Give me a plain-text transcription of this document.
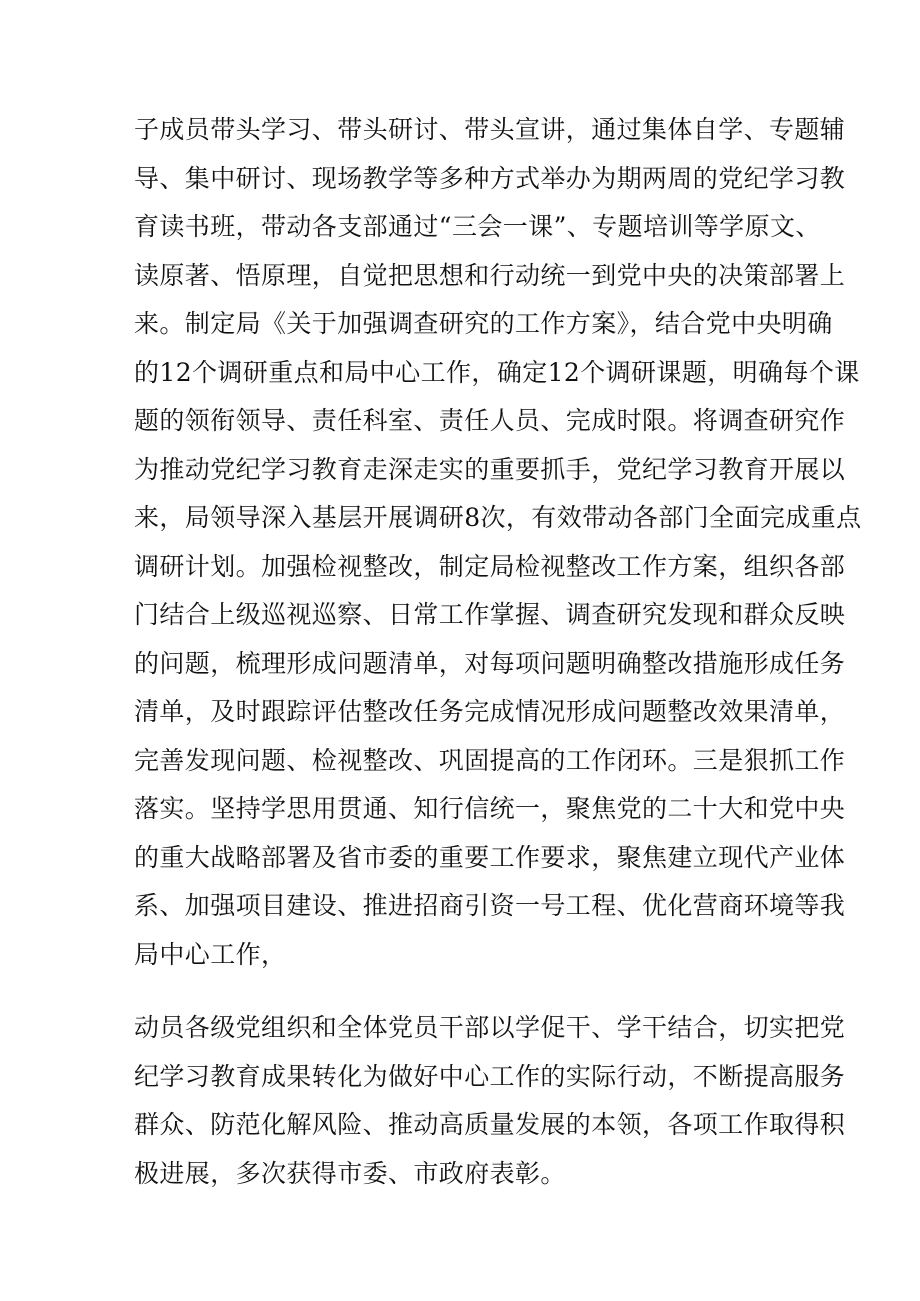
子成员带头学习、带头研讨、带头宣讲，通过集体自学、专题辅
导、集中研讨、现场教学等多种方式举办为期两周的党纪学习教
育读书班，带动各支部通过“三会一课”、专题培训等学原文、
读原著、悟原理，自觉把思想和行动统一到党中央的决策部署上
来。制定局《关于加强调查研究的工作方案》，结合党中央明确
的12个调研重点和局中心工作，确定12个调研课题，明确每个课
题的领衔领导、责任科室、责任人员、完成时限。将调查研究作
为推动党纪学习教育走深走实的重要抓手，党纪学习教育开展以
来，局领导深入基层开展调研8次，有效带动各部门全面完成重点
调研计划。加强检视整改，制定局检视整改工作方案，组织各部
门结合上级巡视巡察、日常工作掌握、调查研究发现和群众反映
的问题，梳理形成问题清单，对每项问题明确整改措施形成任务
清单，及时跟踪评估整改任务完成情况形成问题整改效果清单，
完善发现问题、检视整改、巩固提高的工作闭环。三是狠抓工作
落实。坚持学思用贯通、知行信统一，聚焦党的二十大和党中央
的重大战略部署及省市委的重要工作要求，聚焦建立现代产业体
系、加强项目建设、推进招商引资一号工程、优化营商环境等我
局中心工作，
动员各级党组织和全体党员干部以学促干、学干结合，切实把党
纪学习教育成果转化为做好中心工作的实际行动，不断提高服务
群众、防范化解风险、推动高质量发展的本领，各项工作取得积
极进展，多次获得市委、市政府表彰。
